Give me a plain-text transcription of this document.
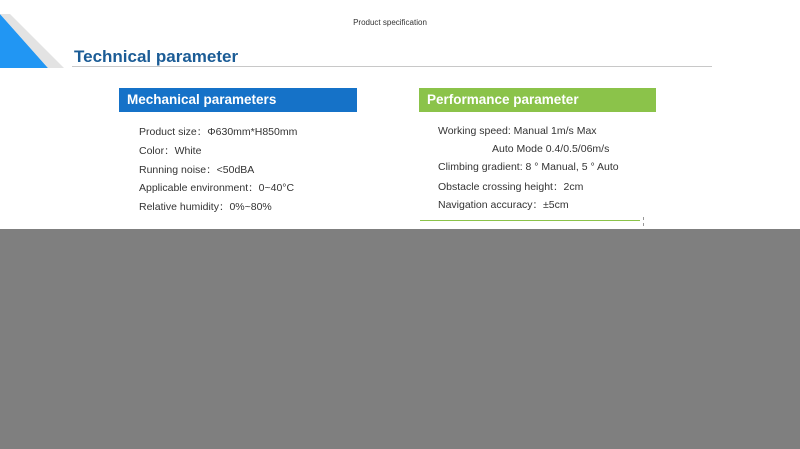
Product specification
Technical parameter
Mechanical parameters
Product size：Φ630mm*H850mm
Color：White
Running noise：<50dBA
Applicable environment：0~40°C
Relative humidity：0%~80%
Performance parameter
Working speed: Manual 1m/s Max
Auto Mode 0.4/0.5/06m/s
Climbing gradient: 8 ° Manual, 5 ° Auto
Obstacle crossing height：2cm
Navigation accuracy：±5cm
